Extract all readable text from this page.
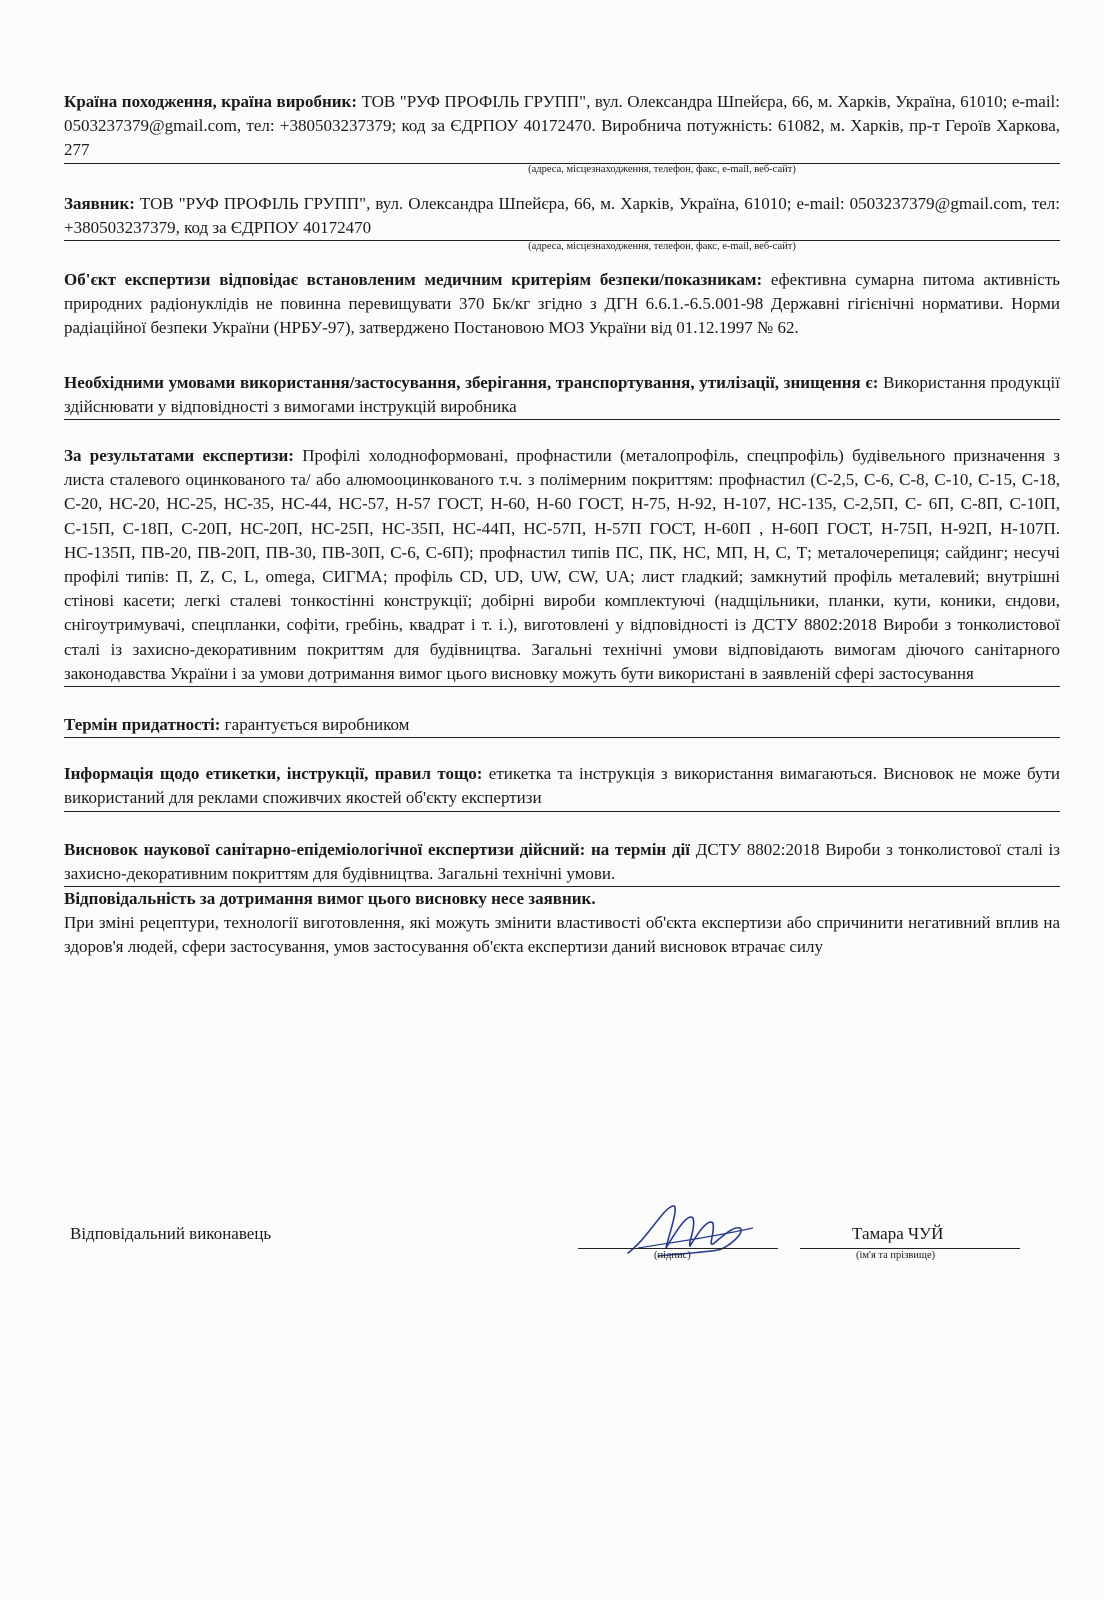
Країна походження, країна виробник: ТОВ "РУФ ПРОФІЛЬ ГРУПП", вул. Олександра Шпейєра, 66, м. Харків, Україна, 61010; e-mail: 0503237379@gmail.com, тел: +380503237379; код за ЄДРПОУ 40172470. Виробнича потужність: 61082, м. Харків, пр-т Героїв Харкова, 277

(адреса, місцезнаходження, телефон, факс, e-mail, веб-сайт)

Заявник: ТОВ "РУФ ПРОФІЛЬ ГРУПП", вул. Олександра Шпейєра, 66, м. Харків, Україна, 61010; e-mail: 0503237379@gmail.com, тел: +380503237379, код за ЄДРПОУ 40172470

(адреса, місцезнаходження, телефон, факс, e-mail, веб-сайт)

Об'єкт експертизи відповідає встановленим медичним критеріям безпеки/показникам: ефективна сумарна питома активність природних радіонуклідів не повинна перевищувати 370 Бк/кг згідно з ДГН 6.6.1.-6.5.001-98 Державні гігієнічні нормативи. Норми радіаційної безпеки України (НРБУ-97), затверджено Постановою МОЗ України від 01.12.1997 № 62.

Необхідними умовами використання/застосування, зберігання, транспортування, утилізації, знищення є: Використання продукції здійснювати у відповідності з вимогами інструкцій виробника

За результатами експертизи: Профілі холодноформовані, профнастили (металопрофіль, спецпрофіль) будівельного призначення з листа сталевого оцинкованого та/ або алюмооцинкованого т.ч. з полімерним покриттям: профнастил (С-2,5, С-6, С-8, С-10, С-15, С-18, С-20, НС-20, НС-25, НС-35, НС-44, НС-57, Н-57 ГОСТ, Н-60, Н-60 ГОСТ, Н-75, Н-92, Н-107, НС-135, С-2,5П, С- 6П, С-8П, С-10П, С-15П, С-18П, С-20П, НС-20П, НС-25П, НС-35П, НС-44П, НС-57П, Н-57П ГОСТ, Н-60П , Н-60П ГОСТ, Н-75П, Н-92П, Н-107П. НС-135П, ПВ-20, ПВ-20П, ПВ-30, ПВ-30П, С-6, С-6П); профнастил типів ПС, ПК, НС, МП, Н, С, Т; металочерепиця; сайдинг; несучі профілі типів: П, Z, C, L, omega, СИГМА; профіль CD, UD, UW, CW, UA; лист гладкий; замкнутий профіль металевий; внутрішні стінові касети; легкі сталеві тонкостінні конструкції; добірні вироби комплектуючі (надщільники, планки, кути, коники, єндови, снігоутримувачі, спецпланки, софіти, гребінь, квадрат і т. і.), виготовлені у відповідності із ДСТУ 8802:2018 Вироби з тонколистової сталі із захисно-декоративним покриттям для будівництва. Загальні технічні умови відповідають вимогам діючого санітарного законодавства України і за умови дотримання вимог цього висновку можуть бути використані в заявленій сфері застосування

Термін придатності: гарантується виробником

Інформація щодо етикетки, інструкції, правил тощо: етикетка та інструкція з використання вимагаються. Висновок не може бути використаний для реклами споживчих якостей об'єкту експертизи

Висновок наукової санітарно-епідеміологічної експертизи дійсний: на термін дії ДСТУ 8802:2018 Вироби з тонколистової сталі із захисно-декоративним покриттям для будівництва. Загальні технічні умови.

Відповідальність за дотримання вимог цього висновку несе заявник.

При зміні рецептури, технології виготовлення, які можуть змінити властивості об'єкта експертизи або спричинити негативний вплив на здоров'я людей, сфери застосування, умов застосування об'єкта експертизи даний висновок втрачає силу

Відповідальний виконавець
(підпис)
Тамара ЧУЙ
(ім'я та прізвище)
